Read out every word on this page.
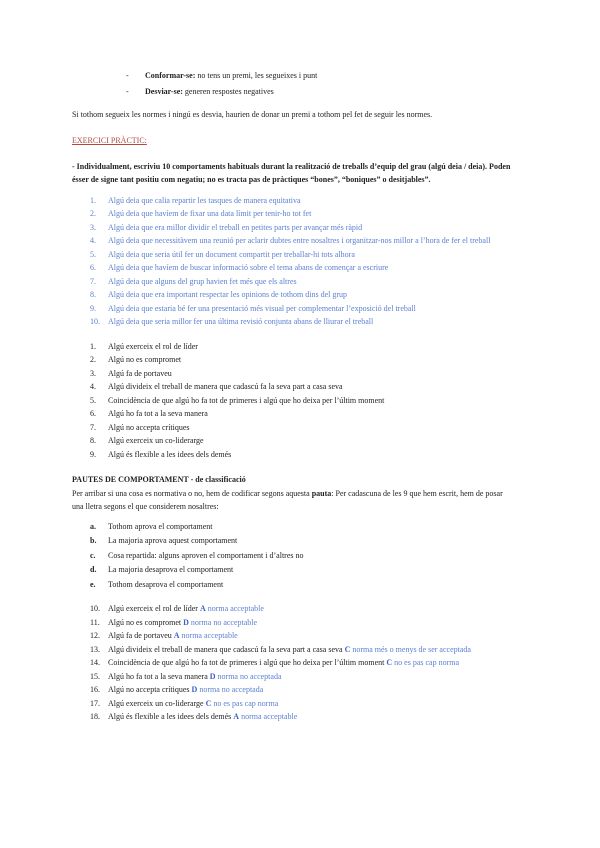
- Conformar-se: no tens un premi, les segueixes i punt
- Desviar-se: generen respostes negatives

Si tothom segueix les normes i ningú es desvia, haurien de donar un premi a tothom pel fet de seguir les normes.

EXERCICI PRÀCTIC:
- Individualment, escriviu 10 comportaments habituals durant la realització de treballs d’equip del grau (algú deia / deia). Poden ésser de signe tant positiu com negatiu; no es tracta pas de pràctiques “bones”, “boniques” o desitjables”.
1. Algú deia que calia repartir les tasques de manera equitativa
2. Algú deia que havíem de fixar una data límit per tenir-ho tot fet
3. Algú deia que era millor dividir el treball en petites parts per avançar més ràpid
4. Algú deia que necessitàvem una reunió per aclarir dubtes entre nosaltres i organitzar-nos millor a l’hora de fer el treball
5. Algú deia que seria útil fer un document compartit per treballar-hi tots alhora
6. Algú deia que havíem de buscar informació sobre el tema abans de començar a escriure
7. Algú deia que alguns del grup havien fet més que els altres
8. Algú deia que era important respectar les opinions de tothom dins del grup
9. Algú deia que estaria bé fer una presentació més visual per complementar l’exposició del treball
10. Algú deia que seria millor fer una última revisió conjunta abans de lliurar el treball
1. Algú exerceix el rol de líder
2. Algú no es compromet
3. Algú fa de portaveu
4. Algú divideix el treball de manera que cadascú fa la seva part a casa seva
5. Coincidència de que algú ho fa tot de primeres i algú que ho deixa per l’últim moment
6. Algú ho fa tot a la seva manera
7. Algú no accepta crítiques
8. Algú exerceix un co-liderarge
9. Algú és flexible a les idees dels demés
PAUTES DE COMPORTAMENT - de classificació
Per arribar si una cosa es normativa o no, hem de codificar segons aquesta pauta: Per cadascuna de les 9 que hem escrit, hem de posar una lletra segons el que considerem nosaltres:
a. Tothom aprova el comportament
b. La majoria aprova aquest comportament
c. Cosa repartida: alguns aproven el comportament i d’altres no
d. La majoria desaprova el comportament
e. Tothom desaprova el comportament
10. Algú exerceix el rol de líder A norma acceptable
11. Algú no es compromet D norma no acceptable
12. Algú fa de portaveu A norma acceptable
13. Algú divideix el treball de manera que cadascú fa la seva part a casa seva C norma més o menys de ser acceptada
14. Coincidència de que algú ho fa tot de primeres i algú que ho deixa per l’últim moment C no es pas cap norma
15. Algú ho fa tot a la seva manera D norma no acceptada
16. Algú no accepta crítiques D norma no acceptada
17. Algú exerceix un co-liderarge C no es pas cap norma
18. Algú és flexible a les idees dels demés A norma acceptable
